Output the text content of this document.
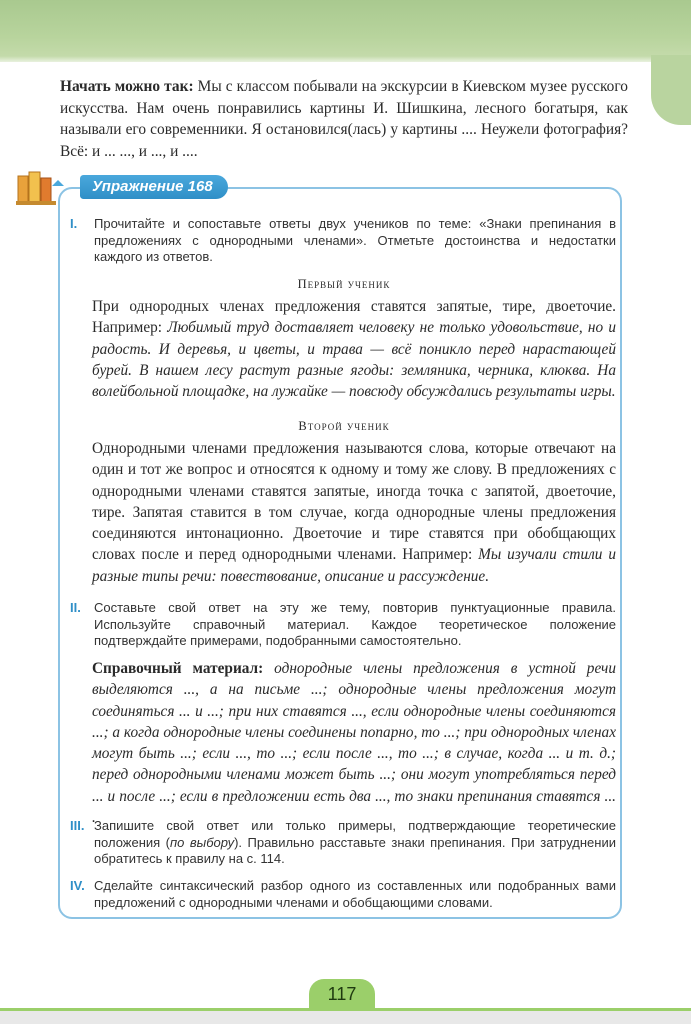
Начать можно так: Мы с классом побывали на экскурсии в Киевском музее русского искусства. Нам очень понравились картины И. Шишкина, лесного богатыря, как называли его современники. Я остановился(лась) у картины .... Неужели фотография? Всё: и ... ..., и ..., и ....
Упражнение 168
I. Прочитайте и сопоставьте ответы двух учеников по теме: «Знаки препинания в предложениях с однородными членами». Отметьте достоинства и недостатки каждого из ответов.
Первый ученик
При однородных членах предложения ставятся запятые, тире, двоеточие. Например: Любимый труд доставляет человеку не только удовольствие, но и радость. И деревья, и цветы, и трава — всё поникло перед нарастающей бурей. В нашем лесу растут разные ягоды: земляника, черника, клюква. На волейбольной площадке, на лужайке — повсюду обсуждались результаты игры.
Второй ученик
Однородными членами предложения называются слова, которые отвечают на один и тот же вопрос и относятся к одному и тому же слову. В предложениях с однородными членами ставятся запятые, иногда точка с запятой, двоеточие, тире. Запятая ставится в том случае, когда однородные члены предложения соединяются интонационно. Двоеточие и тире ставятся при обобщающих словах после и перед однородными членами. Например: Мы изучали стили и разные типы речи: повествование, описание и рассуждение.
II. Составьте свой ответ на эту же тему, повторив пунктуационные правила. Используйте справочный материал. Каждое теоретическое положение подтверждайте примерами, подобранными самостоятельно.
Справочный материал: однородные члены предложения в устной речи выделяются ..., а на письме ...; однородные члены предложения могут соединяться ... и ...; при них ставятся ..., если однородные члены соединяются ...; а когда однородные члены соединены попарно, то ...; при однородных членах могут быть ...; если ..., то ...; если после ..., то ...; в случае, когда ... и т. д.; перед однородными членами может быть ...; они могут употребляться перед ... и после ...; если в предложении есть два ..., то знаки препинания ставятся ... .
III. Запишите свой ответ или только примеры, подтверждающие теоретические положения (по выбору). Правильно расставьте знаки препинания. При затруднении обратитесь к правилу на с. 114.
IV. Сделайте синтаксический разбор одного из составленных или подобранных вами предложений с однородными членами и обобщающими словами.
117
